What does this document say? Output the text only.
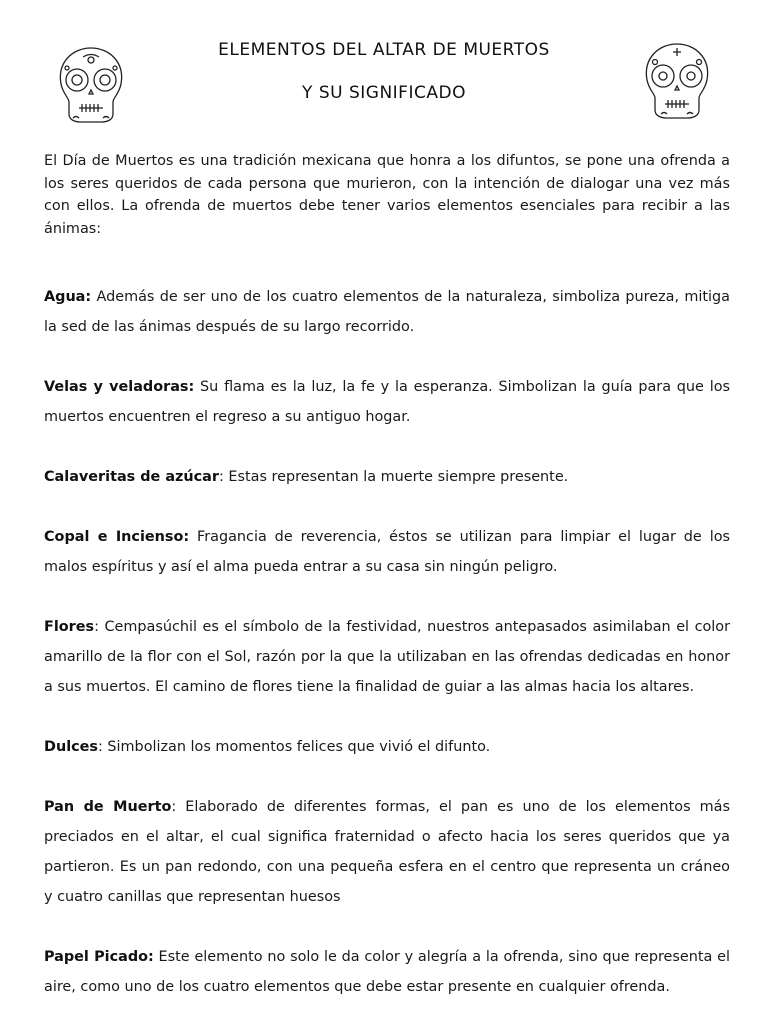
ELEMENTOS DEL ALTAR DE MUERTOS
Y SU SIGNIFICADO
El Día de Muertos es una tradición mexicana que honra a los difuntos, se pone una ofrenda a los seres queridos de cada persona que murieron, con la intención de dialogar una vez más con ellos. La ofrenda de muertos debe tener varios elementos esenciales para recibir a las ánimas:
Agua: Además de ser uno de los cuatro elementos de la naturaleza, simboliza pureza, mitiga la sed de las ánimas después de su largo recorrido.
Velas y veladoras: Su flama es la luz, la fe y la esperanza. Simbolizan la guía para que los muertos encuentren el regreso a su antiguo hogar.
Calaveritas de azúcar: Estas representan la muerte siempre presente.
Copal e Incienso: Fragancia de reverencia, éstos se utilizan para limpiar el lugar de los malos espíritus y así el alma pueda entrar a su casa sin ningún peligro.
Flores: Cempasúchil es el símbolo de la festividad, nuestros antepasados asimilaban el color amarillo de la flor con el Sol, razón por la que la utilizaban en las ofrendas dedicadas en honor a sus muertos. El camino de flores tiene la finalidad de guiar a las almas hacia los altares.
Dulces: Simbolizan los momentos felices que vivió el difunto.
Pan de Muerto: Elaborado de diferentes formas, el pan es uno de los elementos más preciados en el altar, el cual significa fraternidad o afecto hacia los seres queridos que ya partieron. Es un pan redondo, con una pequeña esfera en el centro que representa un cráneo y cuatro canillas que representan huesos
Papel Picado: Este elemento no solo le da color y alegría a la ofrenda, sino que representa el aire, como uno de los cuatro elementos que debe estar presente en cualquier ofrenda.
